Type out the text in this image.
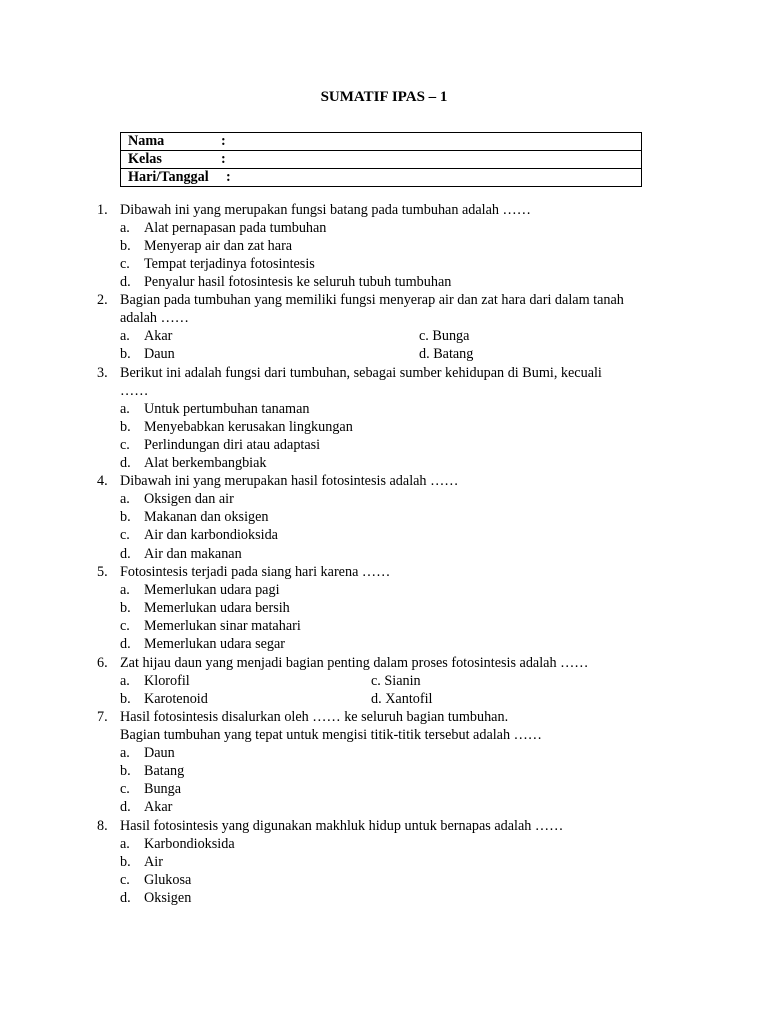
SUMATIF IPAS – 1
Nama	:
Kelas	:
Hari/Tanggal :
1. Dibawah ini yang merupakan fungsi batang pada tumbuhan adalah ……
a. Alat pernapasan pada tumbuhan
b. Menyerap air dan zat hara
c. Tempat terjadinya fotosintesis
d. Penyalur hasil fotosintesis ke seluruh tubuh tumbuhan
2. Bagian pada tumbuhan yang memiliki fungsi menyerap air dan zat hara dari dalam tanah
adalah ……
a. Akar	c. Bunga
b. Daun	d. Batang
3. Berikut ini adalah fungsi dari tumbuhan, sebagai sumber kehidupan di Bumi, kecuali
……
a. Untuk pertumbuhan tanaman
b. Menyebabkan kerusakan lingkungan
c. Perlindungan diri atau adaptasi
d. Alat berkembangbiak
4. Dibawah ini yang merupakan hasil fotosintesis adalah ……
a. Oksigen dan air
b. Makanan dan oksigen
c. Air dan karbondioksida
d. Air dan makanan
5. Fotosintesis terjadi pada siang hari karena ……
a. Memerlukan udara pagi
b. Memerlukan udara bersih
c. Memerlukan sinar matahari
d. Memerlukan udara segar
6. Zat hijau daun yang menjadi bagian penting dalam proses fotosintesis adalah ……
a. Klorofil	c. Sianin
b. Karotenoid	d. Xantofil
7. Hasil fotosintesis disalurkan oleh …… ke seluruh bagian tumbuhan.
Bagian tumbuhan yang tepat untuk mengisi titik-titik tersebut adalah ……
a. Daun
b. Batang
c. Bunga
d. Akar
8. Hasil fotosintesis yang digunakan makhluk hidup untuk bernapas adalah ……
a. Karbondioksida
b. Air
c. Glukosa
d. Oksigen
